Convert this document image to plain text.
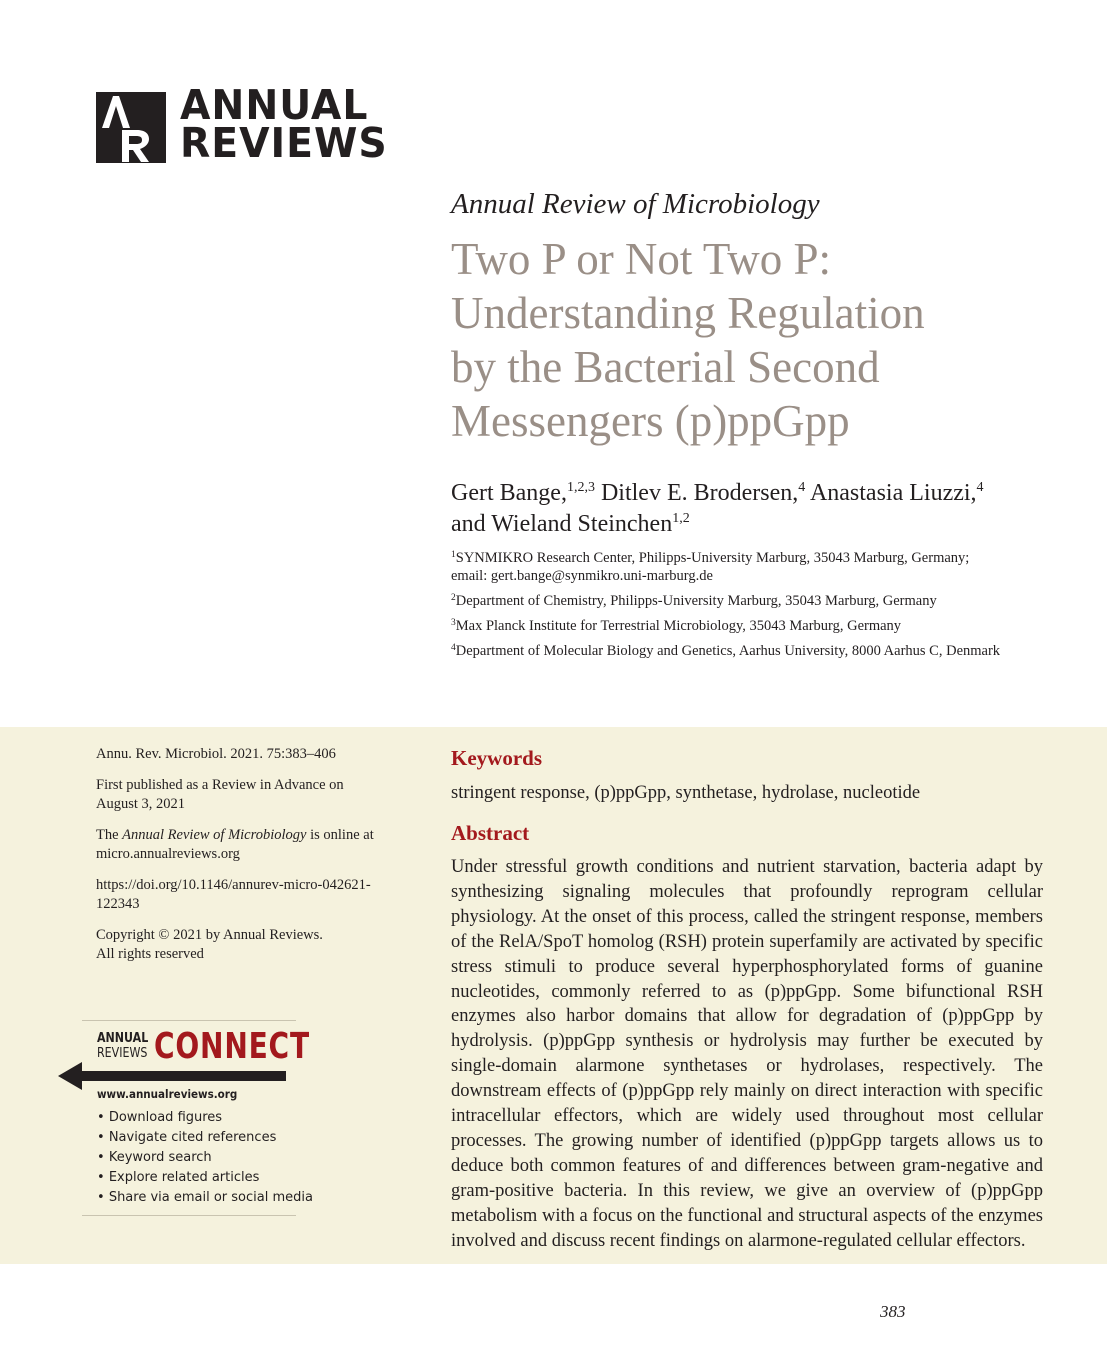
ANNUAL
REVIEWS
Annual Review of Microbiology
Two P or Not Two P:
Understanding Regulation
by the Bacterial Second
Messengers (p)ppGpp
Gert Bange,$^{1,2,3}$ Ditlev E. Brodersen,$^4$ Anastasia Liuzzi,$^4$
and Wieland Steinchen$^{1,2}$
$^1$SYNMIKRO Research Center, Philipps-University Marburg, 35043 Marburg, Germany;
email: gert.bange@synmikro.uni-marburg.de
$^2$Department of Chemistry, Philipps-University Marburg, 35043 Marburg, Germany
$^3$Max Planck Institute for Terrestrial Microbiology, 35043 Marburg, Germany
$^4$Department of Molecular Biology and Genetics, Aarhus University, 8000 Aarhus C, Denmark

Annu. Rev. Microbiol. 2021. 75:383–406

First published as a Review in Advance on
August 3, 2021

The Annual Review of Microbiology is online at
micro.annualreviews.org

https://doi.org/10.1146/annurev-micro-042621-
122343

Copyright © 2021 by Annual Reviews.
All rights reserved

ANNUAL
REVIEWS CONNECT
www.annualreviews.org
• Download figures
• Navigate cited references
• Keyword search
• Explore related articles
• Share via email or social media
Keywords
stringent response, (p)ppGpp, synthetase, hydrolase, nucleotide
Abstract
Under stressful growth conditions and nutrient starvation, bacteria adapt by synthesizing signaling molecules that profoundly reprogram cellular physiology. At the onset of this process, called the stringent response, members of the RelA/SpoT homolog (RSH) protein superfamily are activated by specific stress stimuli to produce several hyperphosphorylated forms of guanine nucleotides, commonly referred to as (p)ppGpp. Some bifunctional RSH enzymes also harbor domains that allow for degradation of (p)ppGpp by hydrolysis. (p)ppGpp synthesis or hydrolysis may further be executed by single-domain alarmone synthetases or hydrolases, respectively. The downstream effects of (p)ppGpp rely mainly on direct interaction with specific intracellular effectors, which are widely used throughout most cellular processes. The growing number of identified (p)ppGpp targets allows us to deduce both common features of and differences between gram-negative and gram-positive bacteria. In this review, we give an overview of (p)ppGpp metabolism with a focus on the functional and structural aspects of the enzymes involved and discuss recent findings on alarmone-regulated cellular effectors.
383
